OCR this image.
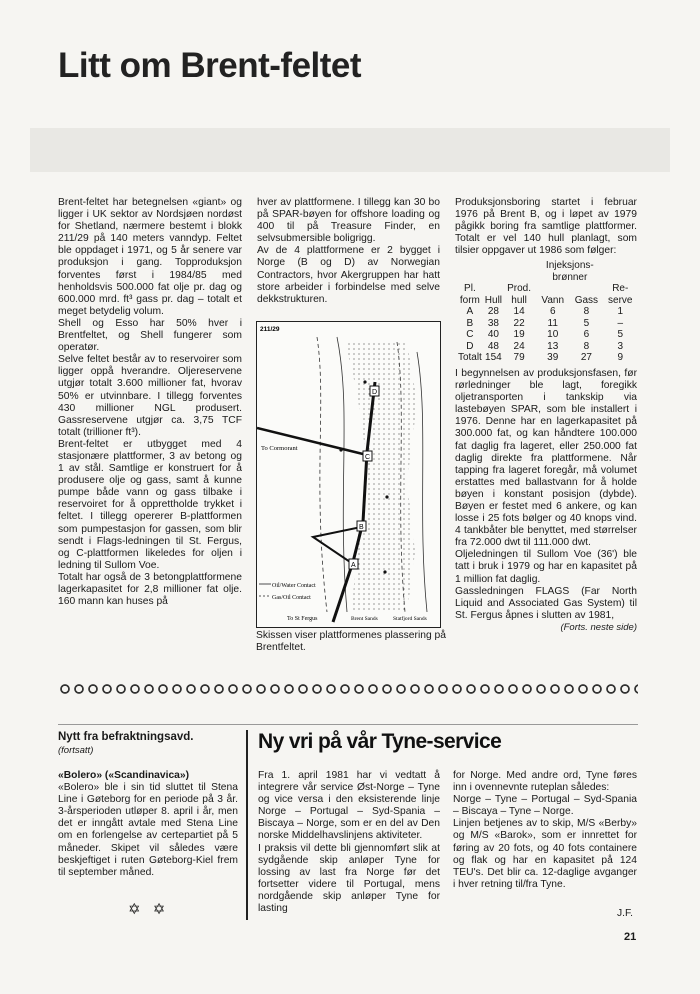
Litt om Brent-feltet

Brent-feltet har betegnelsen «giant» og ligger i UK sektor av Nordsjøen nordøst for Shetland, nærmere bestemt i blokk 211/29 på 140 meters vanndyp. Feltet ble oppdaget i 1971, og 5 år senere var produksjon i gang. Topproduksjon forventes først i 1984/85 med henholdsvis 500.000 fat olje pr. dag og 600.000 mrd. ft³ gass pr. dag – totalt et meget betydelig volum.

Shell og Esso har 50% hver i Brentfeltet, og Shell fungerer som operatør.

Selve feltet består av to reservoirer som ligger oppå hverandre. Oljereservene utgjør totalt 3.600 millioner fat, hvorav 50% er utvinnbare. I tillegg forventes 430 millioner NGL produsert. Gassreservene utgjør ca. 3,75 TCF totalt (trillioner ft³).

Brent-feltet er utbygget med 4 stasjonære plattformer, 3 av betong og 1 av stål. Samtlige er konstruert for å produsere olje og gass, samt å kunne pumpe både vann og gass tilbake i reservoiret for å opprettholde trykket i feltet. I tillegg opererer B-plattformen som pumpestasjon for gassen, som blir sendt i Flags-ledningen til St. Fergus, og C-plattformen likeledes for oljen i ledning til Sullom Voe.

Totalt har også de 3 betongplattformene lagerkapasitet for 2,8 millioner fat olje. 160 mann kan huses på

hver av plattformene. I tillegg kan 30 bo på SPAR-bøyen for offshore loading og 400 til på Treasure Finder, en selvsubmersible boligrigg.

Av de 4 plattformene er 2 bygget i Norge (B og D) av Norwegian Contractors, hvor Akergruppen har hatt store arbeider i forbindelse med selve dekkstrukturen.

D
C
B
A
211/29
To Cormorant
Oil/Water Contact
Gas/Oil Contact
To St Fergus	Brent Sands	Statfjord Sands
Skissen viser plattformenes plassering på Brentfeltet.

Produksjonsboring startet i februar 1976 på Brent B, og i løpet av 1979 pågikk boring fra samtlige plattformer. Totalt er vel 140 hull planlagt, som tilsier oppgaver ut 1986 som følger:

			Injeksjons-brønner		
Pl. form	Hull	Prod. hull	Vann	Gass	Re-serve
A	28	14	6	8	1
B	38	22	11	5	–
C	40	19	10	6	5
D	48	24	13	8	3
Totalt	154	79	39	27	9

I begynnelsen av produksjonsfasen, før rørledninger ble lagt, foregikk oljetransporten i tankskip via lastebøyen SPAR, som ble installert i 1976. Denne har en lagerkapasitet på 300.000 fat, og kan håndtere 100.000 fat daglig fra lageret, eller 250.000 fat daglig direkte fra plattformene. Når tapping fra lageret foregår, må volumet erstattes med ballastvann for å holde bøyen i konstant posisjon (dybde). Bøyen er festet med 6 ankere, og kan losse i 25 fots bølger og 40 knops vind. 4 tankbåter ble benyttet, med størrelser fra 72.000 dwt til 111.000 dwt.

Oljeledningen til Sullom Voe (36') ble tatt i bruk i 1979 og har en kapasitet på 1 million fat daglig.

Gassledningen FLAGS (Far North Liquid and Associated Gas System) til St. Fergus åpnes i slutten av 1981,

(Forts. neste side)
Nytt fra befraktningsavd.
(fortsatt)

«Bolero» («Scandinavica»)

«Bolero» ble i sin tid sluttet til Stena Line i Gøteborg for en periode på 3 år. 3-årsperioden utløper 8. april i år, men det er inngått avtale med Stena Line om en forlengelse av certepartiet på 5 måneder. Skipet vil således være beskjeftiget i ruten Gøteborg-Kiel frem til september måned.

✡ ✡
Ny vri på vår Tyne-service

Fra 1. april 1981 har vi vedtatt å integrere vår service Øst-Norge – Tyne og vice versa i den eksisterende linje Norge – Portugal – Syd-Spania – Biscaya – Norge, som er en del av Den norske Middelhavslinjens aktiviteter.

I praksis vil dette bli gjennomført slik at sydgående skip anløper Tyne for lossing av last fra Norge før det fortsetter videre til Portugal, mens nordgående skip anløper Tyne for lasting

for Norge. Med andre ord, Tyne føres inn i ovennevnte ruteplan således:

Norge – Tyne – Portugal – Syd-Spania – Biscaya – Tyne – Norge.

Linjen betjenes av to skip, M/S «Berby» og M/S «Barok», som er innrettet for føring av 20 fots, og 40 fots containere og flak og har en kapasitet på 124 TEU's. Det blir ca. 12-daglige avganger i hver retning til/fra Tyne.

J.F.
21
